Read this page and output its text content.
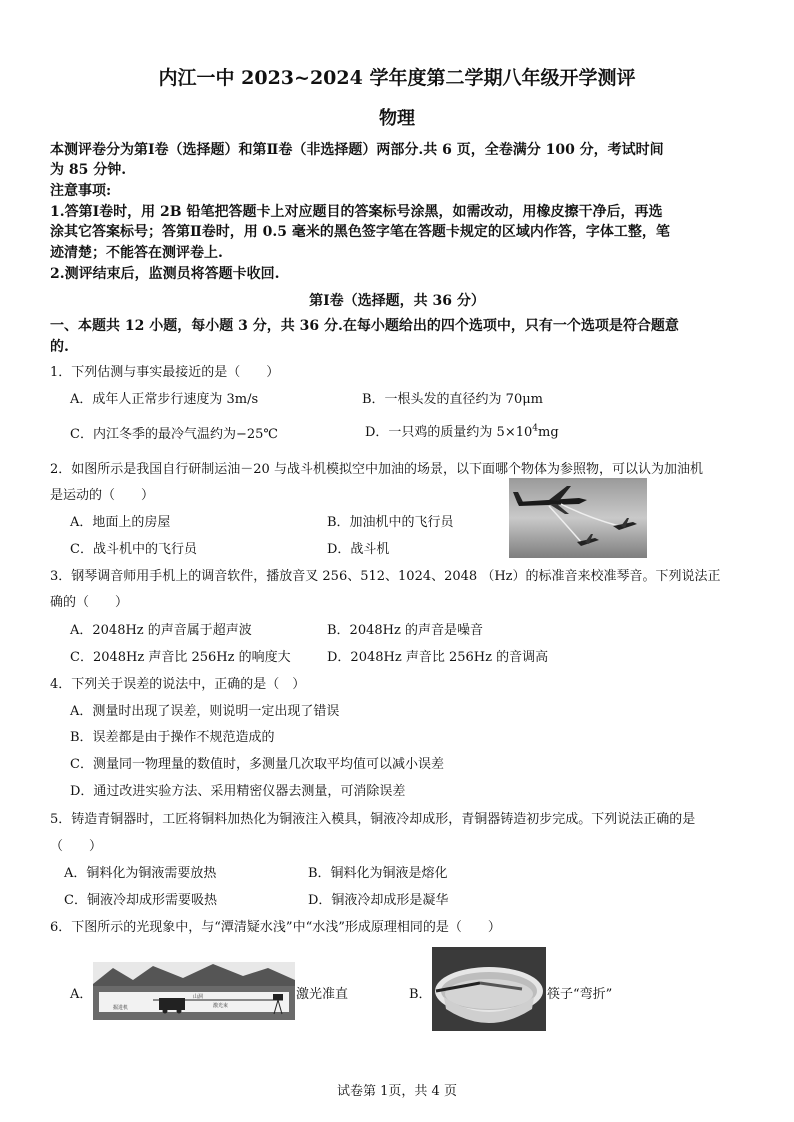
内江一中 2023~2024 学年度第二学期八年级开学测评
物理
本测评卷分为第Ⅰ卷（选择题）和第Ⅱ卷（非选择题）两部分.共 6 页，全卷满分 100 分，考试时间
为 85 分钟.
注意事项:
1.答第Ⅰ卷时，用 2B 铅笔把答题卡上对应题目的答案标号涂黑，如需改动，用橡皮擦干净后，再选
涂其它答案标号；答第Ⅱ卷时，用 0.5 毫米的黑色签字笔在答题卡规定的区域内作答，字体工整，笔
迹清楚；不能答在测评卷上.
2.测评结束后，监测员将答题卡收回.
第Ⅰ卷（选择题，共 36 分）
一、本题共 12 小题，每小题 3 分，共 36 分.在每小题给出的四个选项中，只有一个选项是符合题意
的.
1．下列估测与事实最接近的是（　　）
A．成年人正常步行速度为 3m/s	B．一根头发的直径约为 70μm
C．内江冬季的最冷气温约为−25℃	D．一只鸡的质量约为 $5\times 10^4mg$
2．如图所示是我国自行研制运油－20 与战斗机模拟空中加油的场景，以下面哪个物体为参照物，可以认为加油机
是运动的（　　）
A．地面上的房屋	B．加油机中的飞行员
C．战斗机中的飞行员	D．战斗机
3．钢琴调音师用手机上的调音软件，播放音叉 256、512、1024、2048 （Hz）的标准音来校准琴音。下列说法正
确的（　　）
A．2048Hz 的声音属于超声波	B．2048Hz 的声音是噪音
C．2048Hz 声音比 256Hz 的响度大	D．2048Hz 声音比 256Hz 的音调高
4．下列关于误差的说法中，正确的是（　）
A．测量时出现了误差，则说明一定出现了错误
B．误差都是由于操作不规范造成的
C．测量同一物理量的数值时，多测量几次取平均值可以减小误差
D．通过改进实验方法、采用精密仪器去测量，可消除误差
5．铸造青铜器时，工匠将铜料加热化为铜液注入模具，铜液冷却成形，青铜器铸造初步完成。下列说法正确的是
（　　）
A．铜料化为铜液需要放热	B．铜料化为铜液是熔化
C．铜液冷却成形需要吸热	D．铜液冷却成形是凝华
6．下图所示的光现象中，与“潭清疑水浅”中“水浅”形成原理相同的是（　　）
A．	山洞
激光束
掘进机
激光准直	B．	筷子“弯折”
试卷第 1页，共 4 页
